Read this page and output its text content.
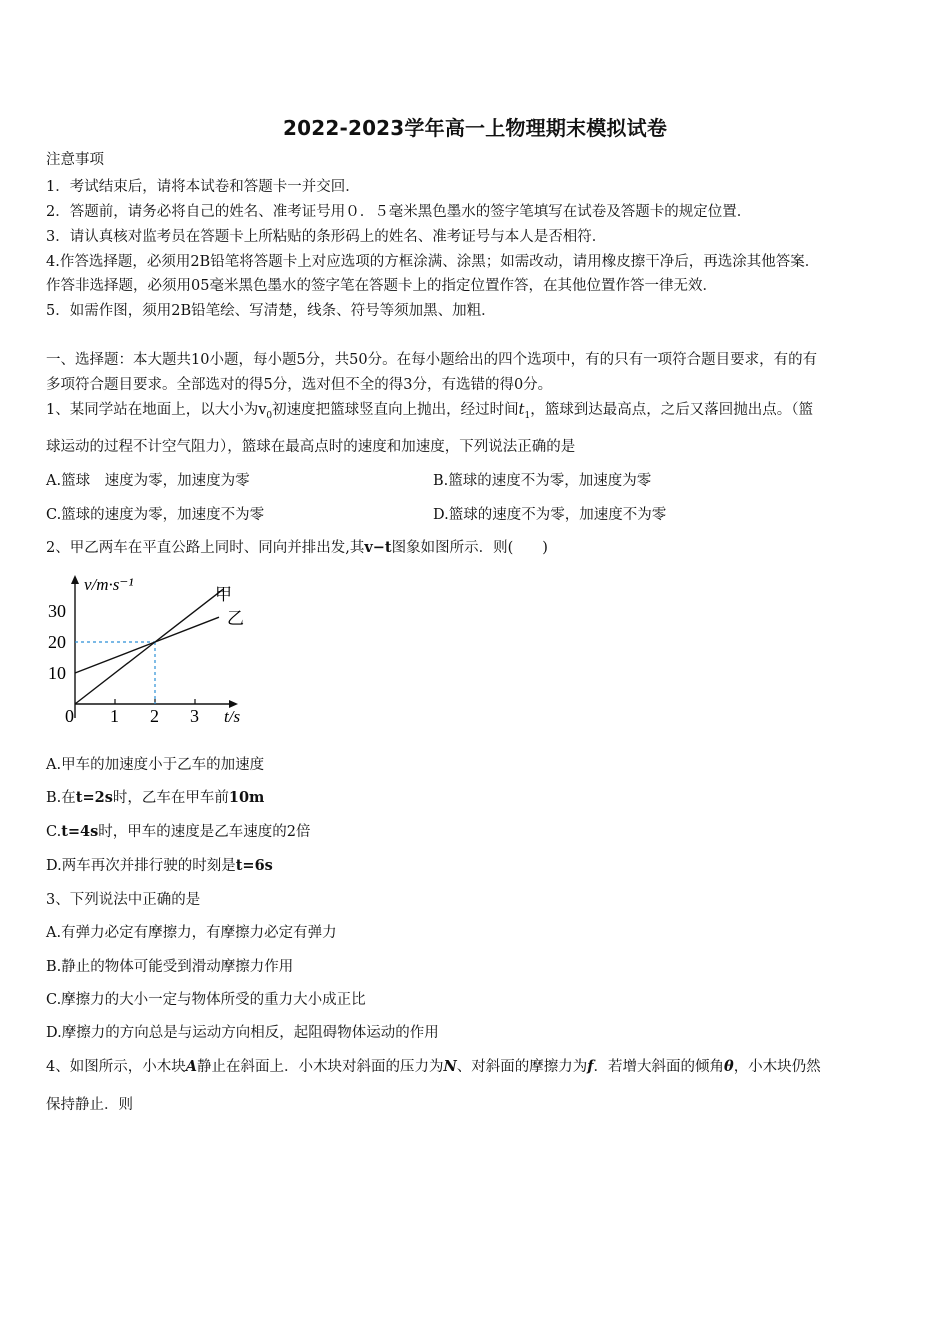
2022-2023学年高一上物理期末模拟试卷
注意事项
1．考试结束后，请将本试卷和答题卡一并交回．
2．答题前，请务必将自己的姓名、准考证号用０．５毫米黑色墨水的签字笔填写在试卷及答题卡的规定位置．
3．请认真核对监考员在答题卡上所粘贴的条形码上的姓名、准考证号与本人是否相符．
4.作答选择题，必须用2B铅笔将答题卡上对应选项的方框涂满、涂黑；如需改动，请用橡皮擦干净后，再选涂其他答案．
作答非选择题，必须用05毫米黑色墨水的签字笔在答题卡上的指定位置作答，在其他位置作答一律无效．
5．如需作图，须用2B铅笔绘、写清楚，线条、符号等须加黑、加粗．
一、选择题：本大题共10小题，每小题5分，共50分。在每小题给出的四个选项中，有的只有一项符合题目要求，有的有
多项符合题目要求。全部选对的得5分，选对但不全的得3分，有选错的得0分。
1、某同学站在地面上，以大小为$v_0$初速度把篮球竖直向上抛出，经过时间$t_1$，篮球到达最高点，之后又落回抛出点。（篮
球运动的过程不计空气阻力），篮球在最高点时的速度和加速度，下列说法正确的是
A.篮球　速度为零，加速度为零	B.篮球的速度不为零，加速度为零
C.篮球的速度为零，加速度不为零	D.篮球的速度不为零，加速度不为零
2、甲乙两车在平直公路上同时、同向并排出发,其v−t图象如图所示．则(　　)
0 1 2 3
10
20
30
v/m·s⁻¹
t/s
甲
乙
A.甲车的加速度小于乙车的加速度
B.在t=2s时，乙车在甲车前10m
C.t=4s时，甲车的速度是乙车速度的2倍
D.两车再次并排行驶的时刻是t=6s
3、下列说法中正确的是
A.有弹力必定有摩擦力，有摩擦力必定有弹力
B.静止的物体可能受到滑动摩擦力作用
C.摩擦力的大小一定与物体所受的重力大小成正比
D.摩擦力的方向总是与运动方向相反，起阻碍物体运动的作用
4、如图所示，小木块A静止在斜面上．小木块对斜面的压力为N、对斜面的摩擦力为f．若增大斜面的倾角θ，小木块仍然
保持静止．则
